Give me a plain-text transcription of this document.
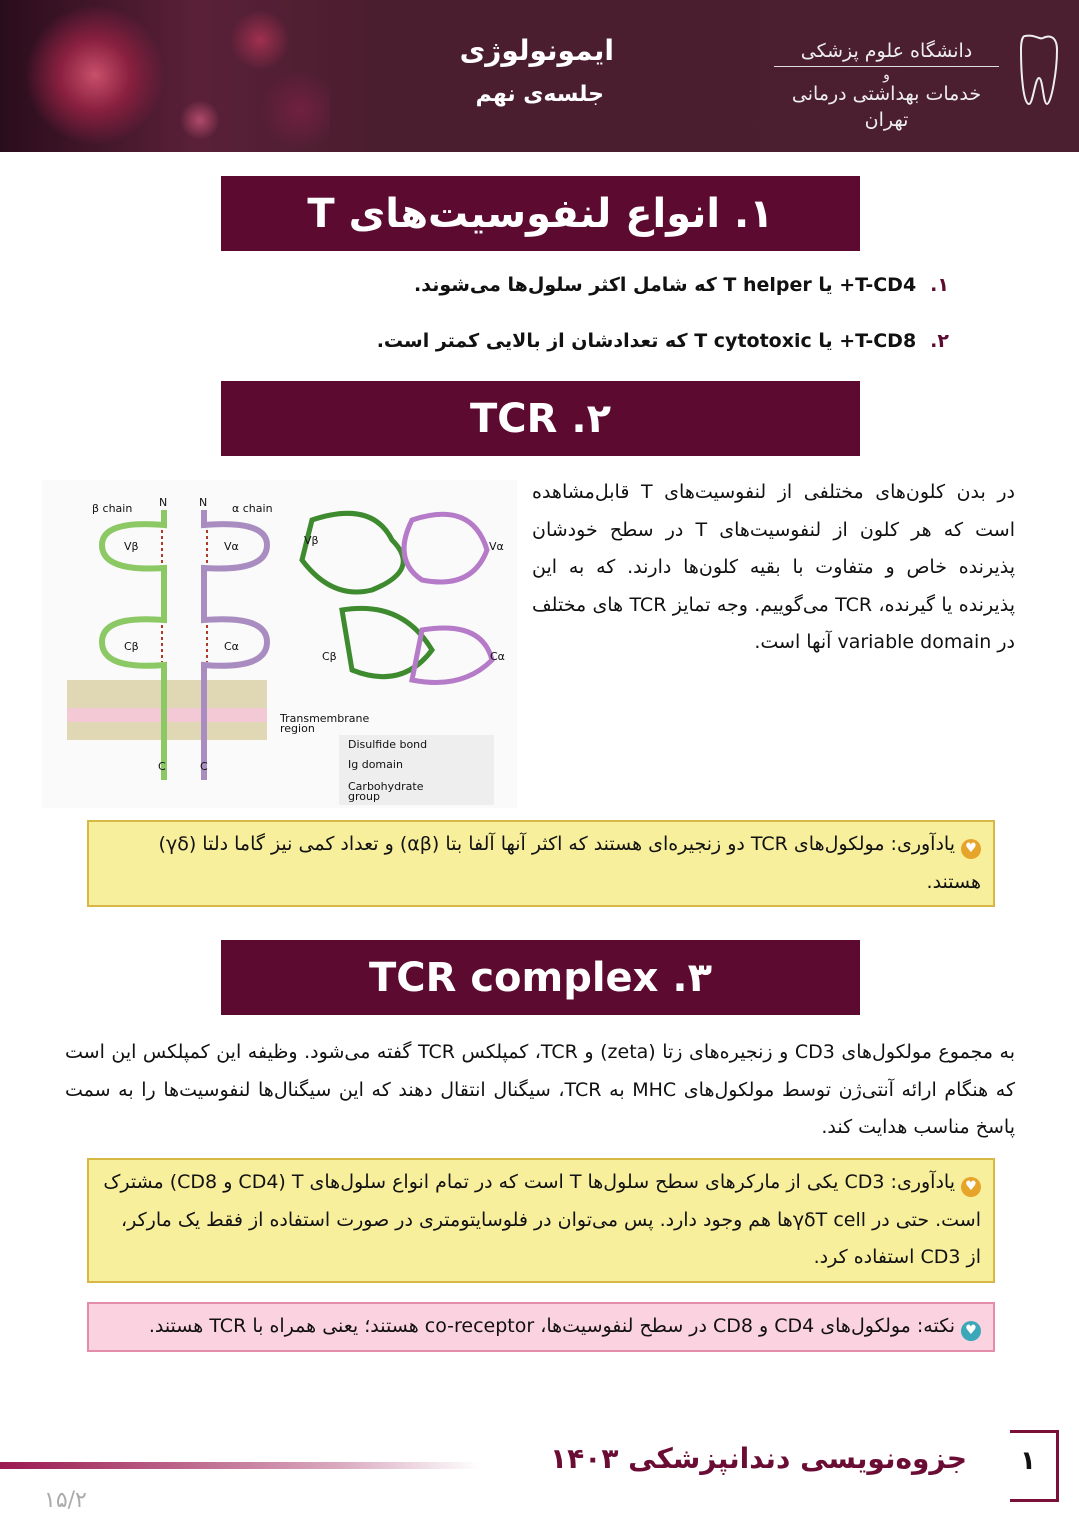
ایمونولوژی
جلسه‌ی نهم
دانشگاه علوم پزشکی
و
خدمات بهداشتی درمانی تهران
۱. انواع لنفوسیت‌های T
۱.T-CD4+ یا T helper که شامل اکثر سلول‌ها می‌شوند.
۲.T-CD8+ یا T cytotoxic که تعدادشان از بالایی کمتر است.
۲. TCR
β chain N	N α chain
Vβ	Vα
Cβ	Cα
Vβ	Vα
Cβ	Cα
C	C
Transmembrane region
Disulfide bond
Ig domain
Carbohydrate group
در بدن کلون‌های مختلفی از لنفوسیت‌های T قابل‌مشاهده است که هر کلون از لنفوسیت‌های T در سطح خودشان پذیرنده خاص و متفاوت با بقیه کلون‌ها دارند. که به این پذیرنده یا گیرنده، TCR می‌گوییم. وجه تمایز TCR های مختلف در variable domain آنها است.
♥یادآوری: مولکول‌های TCR دو زنجیره‌ای هستند که اکثر آنها آلفا بتا (αβ) و تعداد کمی نیز گاما دلتا (γδ) هستند.
۳. TCR complex
به مجموع مولکول‌های CD3 و زنجیره‌های زتا (zeta) و TCR، کمپلکس TCR گفته می‌شود. وظیفه این کمپلکس این است که هنگام ارائه آنتی‌ژن توسط مولکول‌های MHC به TCR، سیگنال انتقال دهند که این سیگنال‌ها لنفوسیت‌ها را به سمت پاسخ مناسب هدایت کند.
♥یادآوری: CD3 یکی از مارکرهای سطح سلول‌ها T است که در تمام انواع سلول‌های T (CD4 و CD8) مشترک است. حتی در γδT cellها هم وجود دارد. پس می‌توان در فلوسایتومتری در صورت استفاده از فقط یک مارکر، از CD3 استفاده کرد.
♥نکته: مولکول‌های CD4 و CD8 در سطح لنفوسیت‌ها، co-receptor هستند؛ یعنی همراه با TCR هستند.
جزوه‌نویسی دندانپزشکی ۱۴۰۳ ۱
۱۵/۲
